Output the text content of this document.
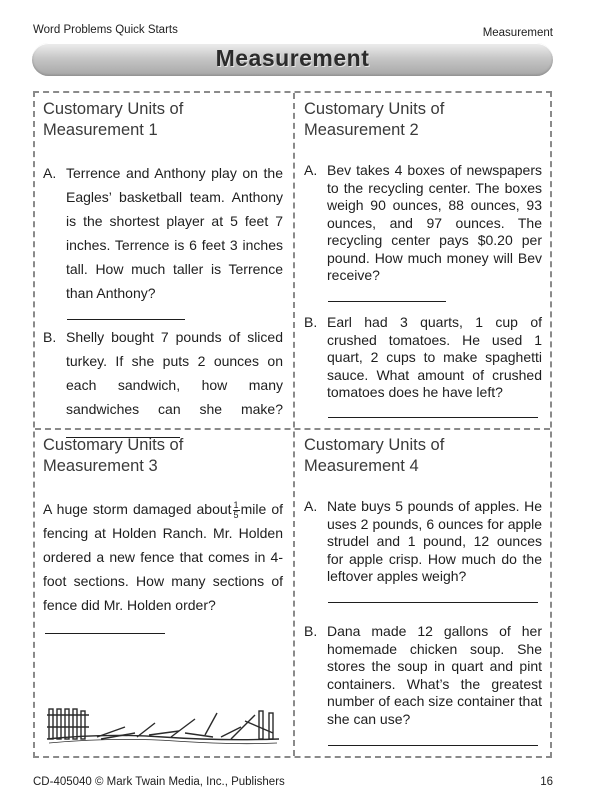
Word Problems Quick Starts	Measurement
Measurement
Customary Units of
Measurement 1
A. Terrence and Anthony play on the Eagles’ basketball team. Anthony is the shortest player at 5 feet 7 inches. Terrence is 6 feet 3 inches tall. How much taller is Terrence than Anthony?
B. Shelly bought 7 pounds of sliced turkey. If she puts 2 ounces on each sandwich, how many sandwiches can she make?
Customary Units of
Measurement 2
A. Bev takes 4 boxes of newspapers to the recycling center. The boxes weigh 90 ounces, 88 ounces, 93 ounces, and 97 ounces. The recycling center pays $0.20 per pound. How much money will Bev receive?
B. Earl had 3 quarts, 1 cup of crushed tomatoes. He used 1 quart, 2 cups to make spaghetti sauce. What amount of crushed tomatoes does he have left?
Customary Units of
Measurement 3
A huge storm damaged about $\frac{1}{5}$ mile of fencing at Holden Ranch. Mr. Holden ordered a new fence that comes in 4-foot sections. How many sections of fence did Mr. Holden order?
Customary Units of
Measurement 4
A. Nate buys 5 pounds of apples. He uses 2 pounds, 6 ounces for apple strudel and 1 pound, 12 ounces for apple crisp. How much do the leftover apples weigh?
B. Dana made 12 gallons of her homemade chicken soup. She stores the soup in quart and pint containers. What’s the greatest number of each size container that she can use?
CD-405040 © Mark Twain Media, Inc., Publishers	16
